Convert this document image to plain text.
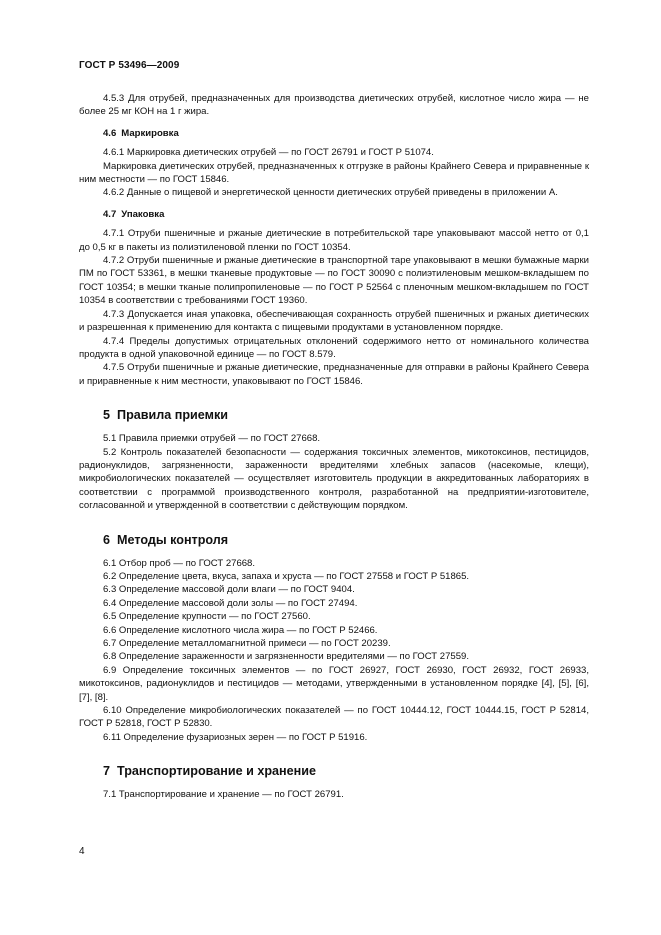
ГОСТ Р 53496—2009

4.5.3 Для отрубей, предназначенных для производства диетических отрубей, кислотное число жира — не более 25 мг КОН на 1 г жира.

4.6 Маркировка

4.6.1 Маркировка диетических отрубей — по ГОСТ 26791 и ГОСТ Р 51074.

Маркировка диетических отрубей, предназначенных к отгрузке в районы Крайнего Севера и приравненные к ним местности — по ГОСТ 15846.

4.6.2 Данные о пищевой и энергетической ценности диетических отрубей приведены в приложении А.

4.7 Упаковка

4.7.1 Отруби пшеничные и ржаные диетические в потребительской таре упаковывают массой нетто от 0,1 до 0,5 кг в пакеты из полиэтиленовой пленки по ГОСТ 10354.

4.7.2 Отруби пшеничные и ржаные диетические в транспортной таре упаковывают в мешки бумажные марки ПМ по ГОСТ 53361, в мешки тканевые продуктовые — по ГОСТ 30090 с полиэтиленовым мешком-вкладышем по ГОСТ 10354; в мешки тканые полипропиленовые — по ГОСТ Р 52564 с пленочным мешком-вкладышем по ГОСТ 10354 в соответствии с требованиями ГОСТ 19360.

4.7.3 Допускается иная упаковка, обеспечивающая сохранность отрубей пшеничных и ржаных диетических и разрешенная к применению для контакта с пищевыми продуктами в установленном порядке.

4.7.4 Пределы допустимых отрицательных отклонений содержимого нетто от номинального количества продукта в одной упаковочной единице — по ГОСТ 8.579.

4.7.5 Отруби пшеничные и ржаные диетические, предназначенные для отправки в районы Крайнего Севера и приравненные к ним местности, упаковывают по ГОСТ 15846.

5 Правила приемки

5.1 Правила приемки отрубей — по ГОСТ 27668.

5.2 Контроль показателей безопасности — содержания токсичных элементов, микотоксинов, пестицидов, радионуклидов, загрязненности, зараженности вредителями хлебных запасов (насекомые, клещи), микробиологических показателей — осуществляет изготовитель продукции в аккредитованных лабораториях в соответствии с программой производственного контроля, разработанной на предприятии-изготовителе, согласованной и утвержденной в соответствии с действующим порядком.

6 Методы контроля

6.1 Отбор проб — по ГОСТ 27668.

6.2 Определение цвета, вкуса, запаха и хруста — по ГОСТ 27558 и ГОСТ Р 51865.

6.3 Определение массовой доли влаги — по ГОСТ 9404.

6.4 Определение массовой доли золы — по ГОСТ 27494.

6.5 Определение крупности — по ГОСТ 27560.

6.6 Определение кислотного числа жира — по ГОСТ Р 52466.

6.7 Определение металломагнитной примеси — по ГОСТ 20239.

6.8 Определение зараженности и загрязненности вредителями — по ГОСТ 27559.

6.9 Определение токсичных элементов — по ГОСТ 26927, ГОСТ 26930, ГОСТ 26932, ГОСТ 26933, микотоксинов, радионуклидов и пестицидов — методами, утвержденными в установленном порядке [4], [5], [6], [7], [8].

6.10 Определение микробиологических показателей — по ГОСТ 10444.12, ГОСТ 10444.15, ГОСТ Р 52814, ГОСТ Р 52818, ГОСТ Р 52830.

6.11 Определение фузариозных зерен — по ГОСТ Р 51916.

7 Транспортирование и хранение

7.1 Транспортирование и хранение — по ГОСТ 26791.

4
